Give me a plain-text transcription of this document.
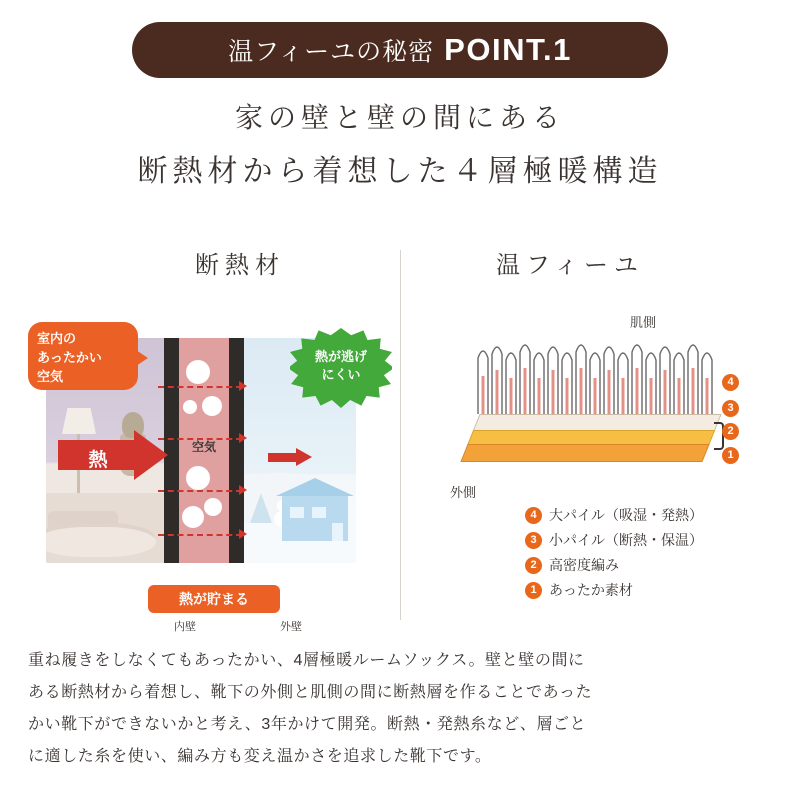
温フィーユの秘密 POINT.1
家の壁と壁の間にある
断熱材から着想した４層極暖構造
断熱材	温フィーユ
空気
内壁	外壁
室内の
あったかい
空気
熱が逃げ
にくい
熱
熱が貯まる
肌側
外側
4
3
2
1
4 大パイル（吸湿・発熱）
3 小パイル（断熱・保温）
2 高密度編み
1 あったか素材
重ね履きをしなくてもあったかい、4層極暖ルームソックス。壁と壁の間に
ある断熱材から着想し、靴下の外側と肌側の間に断熱層を作ることであった
かい靴下ができないかと考え、3年かけて開発。断熱・発熱糸など、層ごと
に適した糸を使い、編み方も変え温かさを追求した靴下です。
